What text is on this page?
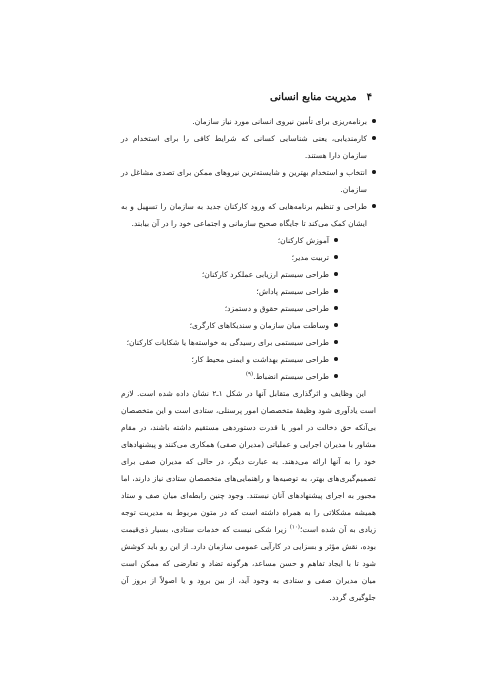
۴
مدیریت منابع انسانی
برنامه‌ریزی برای تأمین نیروی انسانی مورد نیاز سازمان.
کارمندیابی، یعنی شناسایی کسانی که شرایط کافی را برای استخدام در سازمان دارا هستند.
انتخاب و استخدام بهترین و شایسته‌ترین نیروهای ممکن برای تصدی مشاغل در سازمان.
طراحی و تنظیم برنامه‌هایی که ورود کارکنان جدید به سازمان را تسهیل و به ایشان کمک می‌کند تا جایگاه صحیح سازمانی و اجتماعی خود را در آن بیابند.
آموزش کارکنان؛
تربیت مدیر؛
طراحی سیستم ارزیابی عملکرد کارکنان؛
طراحی سیستم پاداش؛
طراحی سیستم حقوق و دستمزد؛
وساطت میان سازمان و سندیکاهای کارگری؛
طراحی سیستمی برای رسیدگی به خواسته‌ها یا شکایات کارکنان؛
طراحی سیستم بهداشت و ایمنی محیط کار؛
طراحی سیستم انضباط.$^{(۹)}$

این وظایف و اثرگذاری متقابل آنها در شکل ۱ـ۲ نشان داده شده است. لازم است یادآوری شود وظیفهٔ متخصصان امور پرسنلی، ستادی است و این متخصصان بی‌آنکه حق دخالت در امور یا قدرت دستوردهی مستقیم داشته باشند، در مقام مشاور با مدیران اجرایی و عملیاتی (مدیران صفی) همکاری می‌کنند و پیشنهادهای خود را به آنها ارائه می‌دهند. به عبارت دیگر، در حالی که مدیران صفی برای تصمیم‌گیری‌های بهتر، به توصیه‌ها و راهنمایی‌های متخصصان ستادی نیاز دارند، اما مجبور به اجرای پیشنهادهای آنان نیستند. وجود چنین رابطه‌ای میان صف و ستاد همیشه مشکلاتی را به همراه داشته است که در متون مربوط به مدیریت توجه زیادی به آن شده است؛$^{(۱۰)}$ زیرا شکی نیست که خدمات ستادی، بسیار ذی‌قیمت بوده، نقش مؤثر و بسزایی در کارآیی عمومی سازمان دارد. از این رو باید کوشش شود تا با ایجاد تفاهم و حسن مساعد، هرگونه تضاد و تعارضی که ممکن است میان مدیران صفی و ستادی به وجود آید، از بین برود و یا اصولاً از بروز آن جلوگیری گردد.
